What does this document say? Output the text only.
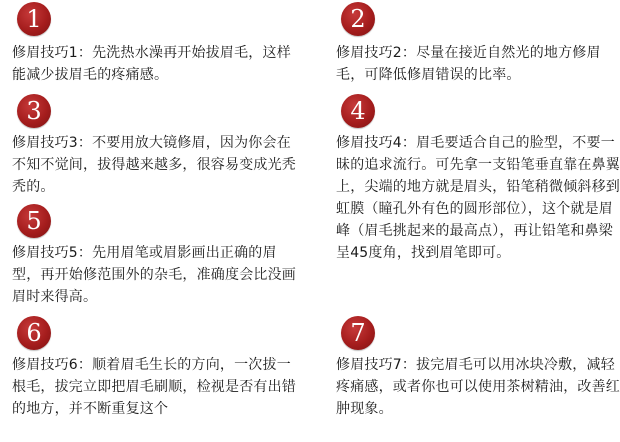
1

修眉技巧1：先洗热水澡再开始拔眉毛，这样能减少拔眉毛的疼痛感。

2

修眉技巧2：尽量在接近自然光的地方修眉毛，可降低修眉错误的比率。

3

修眉技巧3：不要用放大镜修眉，因为你会在不知不觉间，拔得越来越多，很容易变成光秃秃的。

4

修眉技巧4：眉毛要适合自己的脸型，不要一昧的追求流行。可先拿一支铅笔垂直靠在鼻翼上，尖端的地方就是眉头，铅笔稍微倾斜移到虹膜（瞳孔外有色的圆形部位），这个就是眉峰（眉毛挑起来的最高点），再让铅笔和鼻梁呈45度角，找到眉笔即可。

5

修眉技巧5：先用眉笔或眉影画出正确的眉型，再开始修范围外的杂毛，准确度会比没画眉时来得高。

6

修眉技巧6：顺着眉毛生长的方向，一次拔一根毛，拔完立即把眉毛刷顺，检视是否有出错的地方，并不断重复这个

7

修眉技巧7：拔完眉毛可以用冰块冷敷，减轻疼痛感，或者你也可以使用茶树精油，改善红肿现象。
